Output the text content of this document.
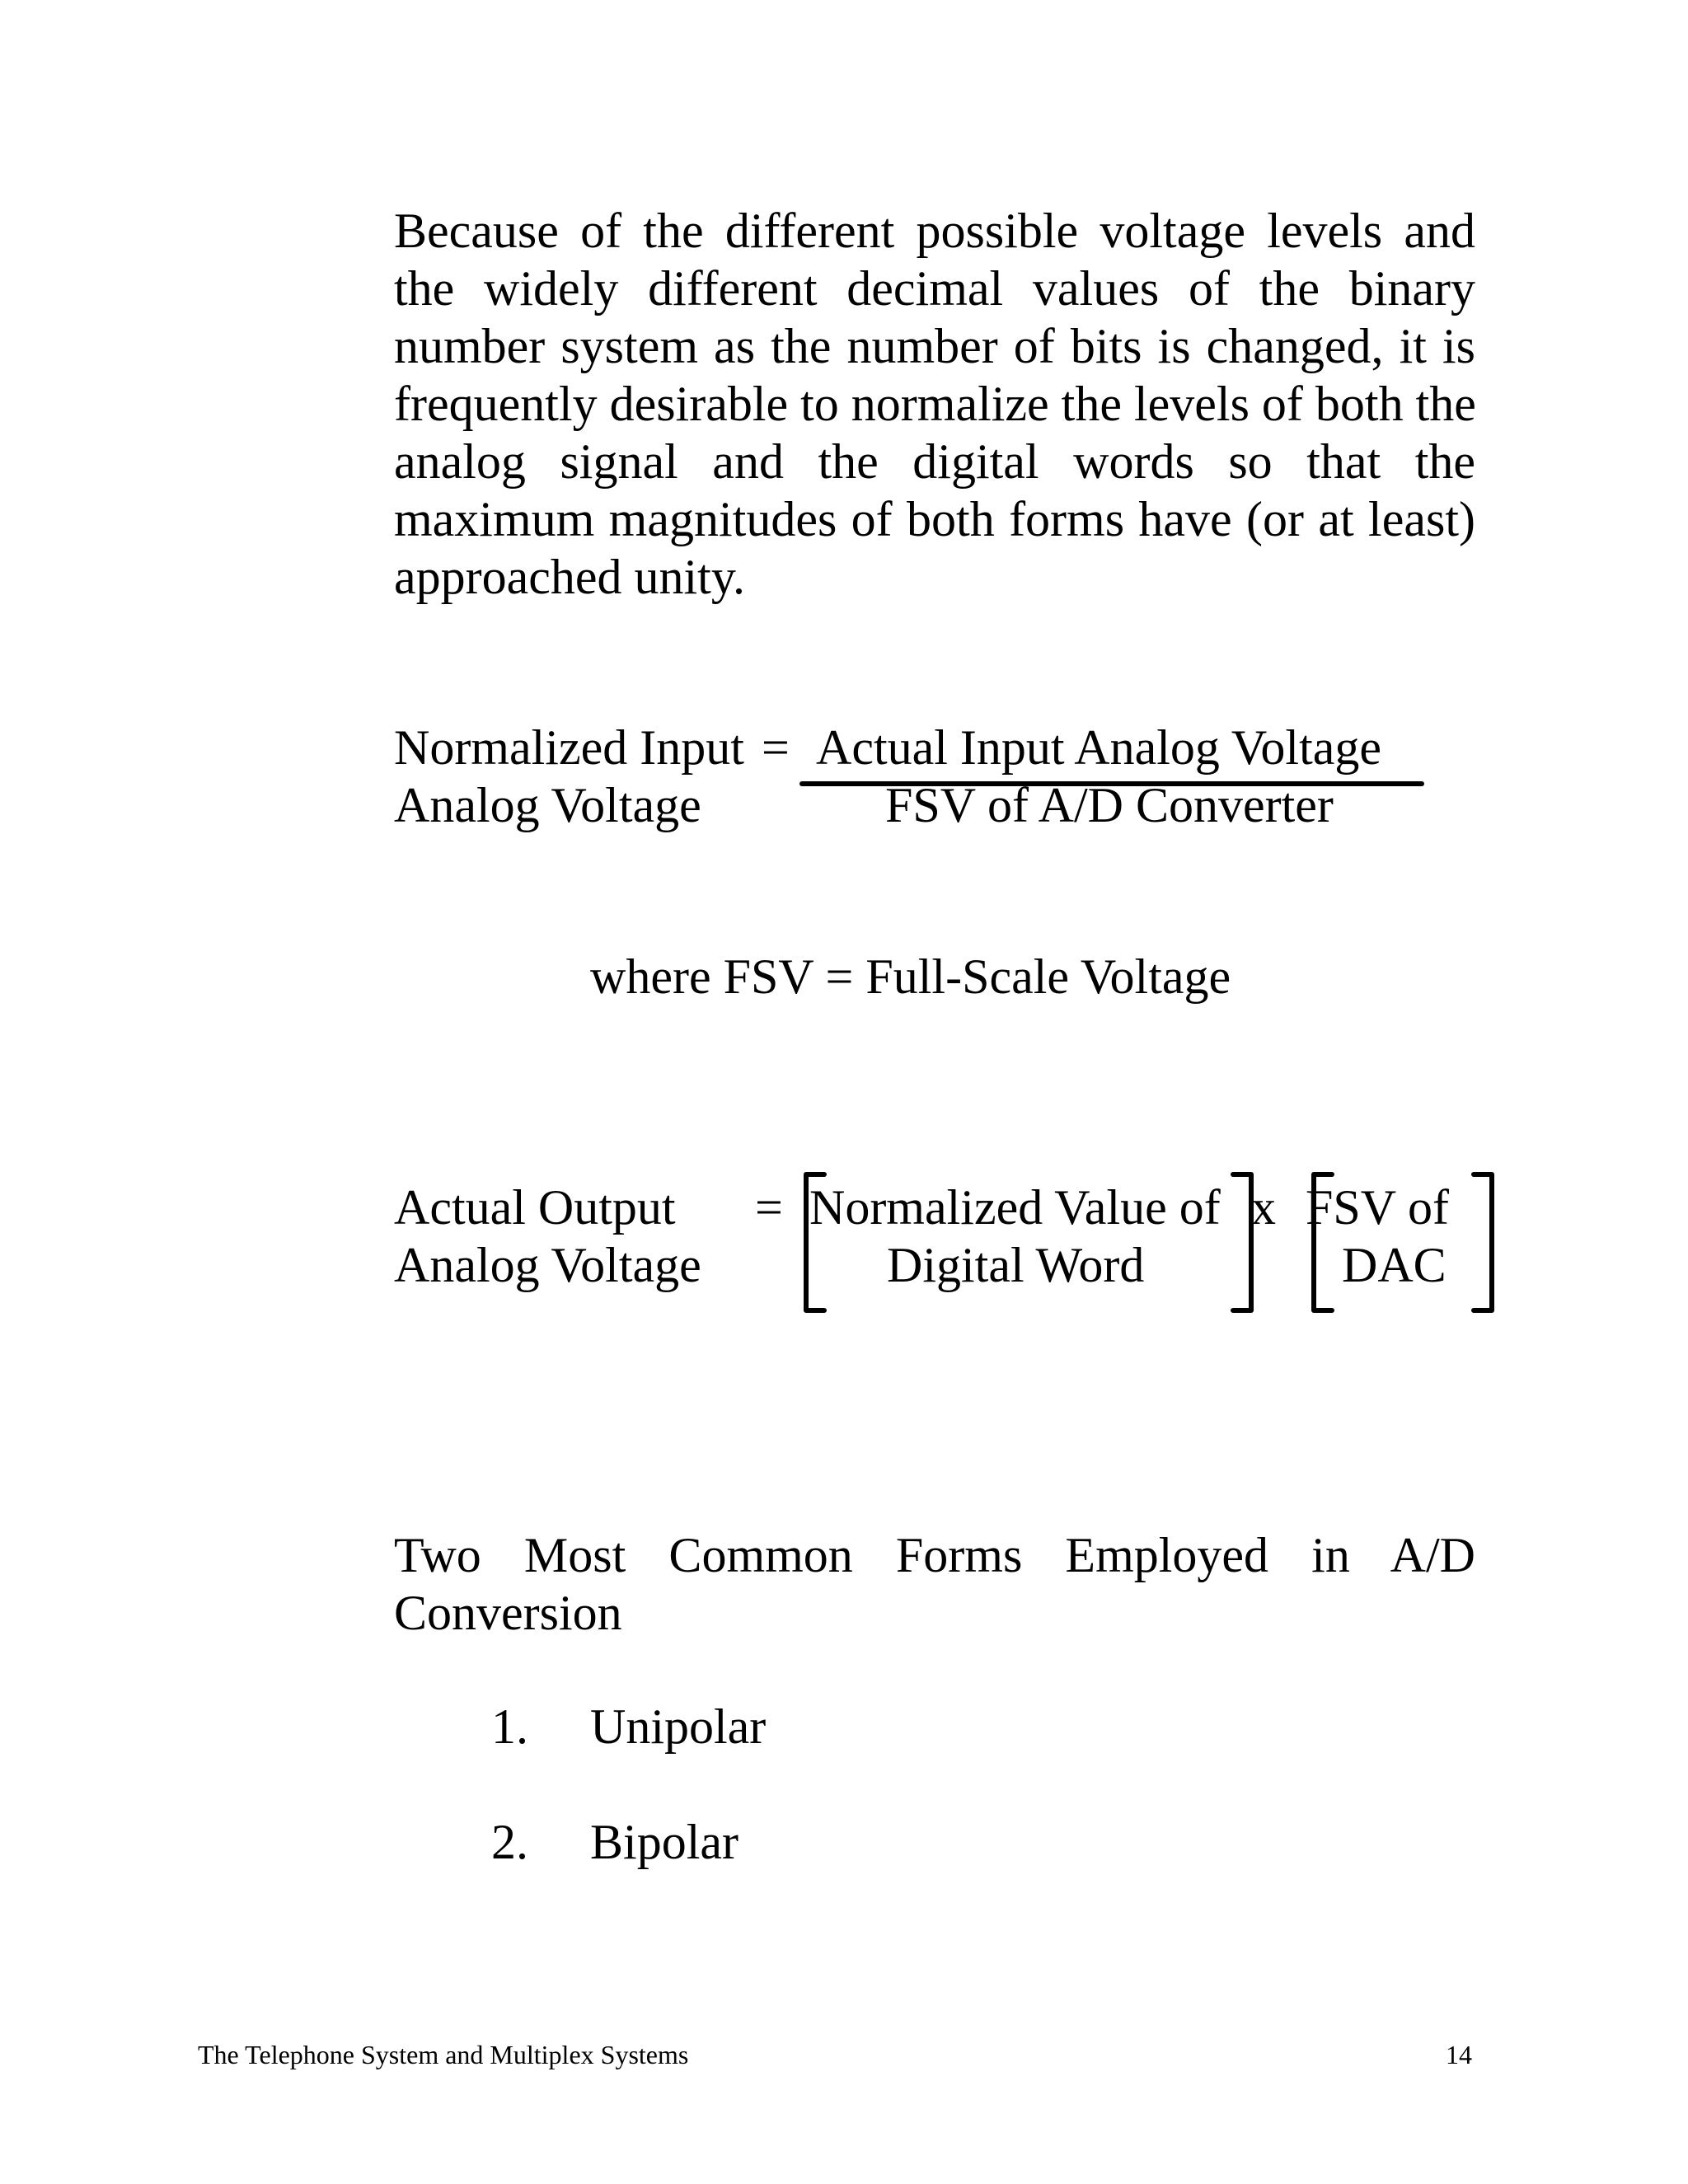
Because of the different possible voltage levels and
the widely different decimal values of the binary
number system as the number of bits is changed, it is
frequently desirable to normalize the levels of both the
analog signal and the digital words so that the
maximum magnitudes of both forms have (or at least)
approached unity.
Normalized Input
Analog Voltage
= Actual Input Analog Voltage
FSV of A/D Converter
where FSV = Full-Scale Voltage
Actual Output
Analog Voltage
= Normalized Value of
Digital Word
x FSV of
DAC
Two Most Common Forms Employed in A/D
Conversion
1. Unipolar
2. Bipolar
The Telephone System and Multiplex Systems	14
